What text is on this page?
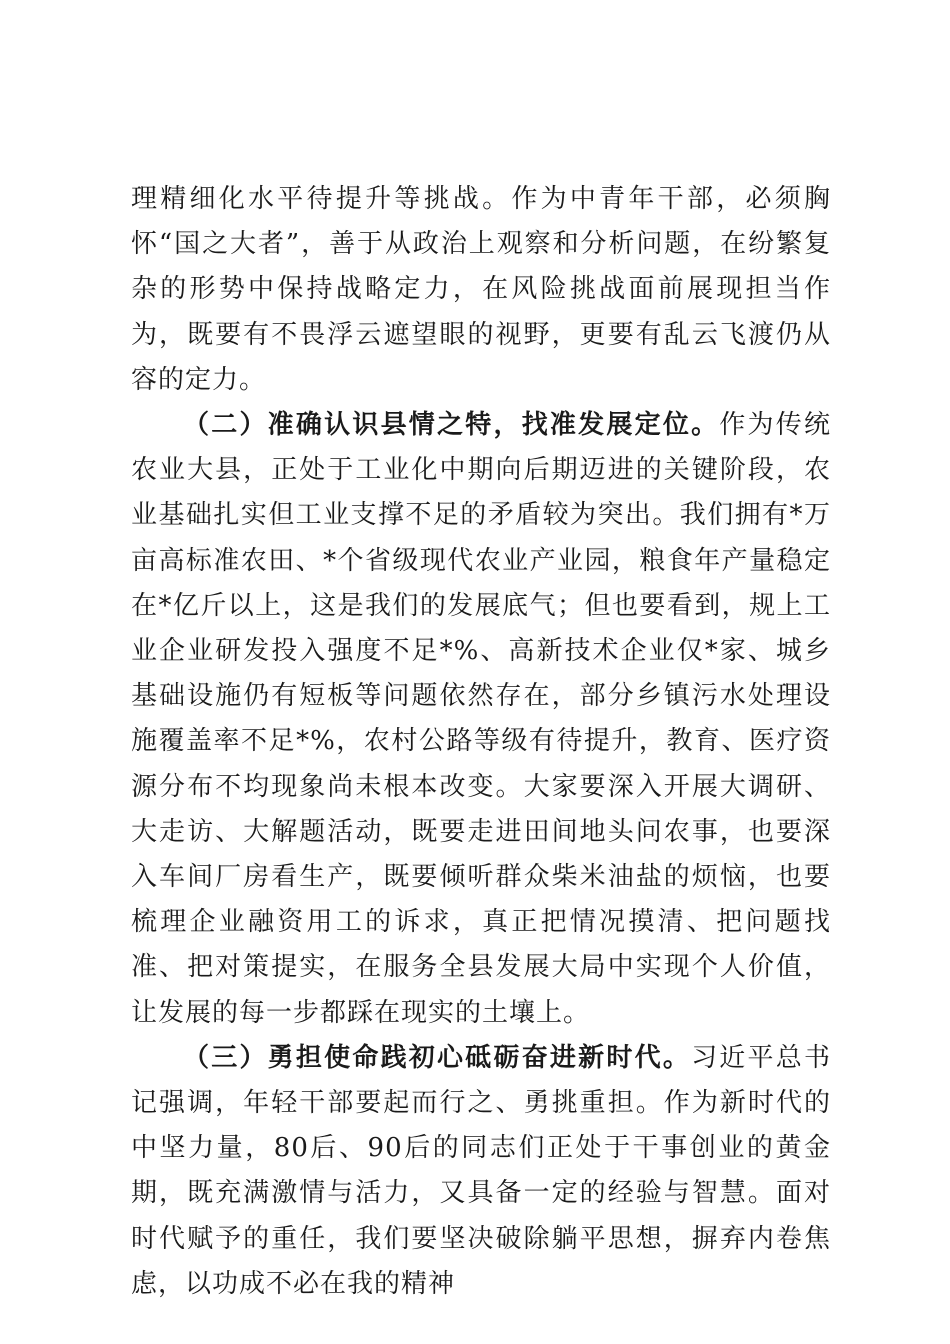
理精细化水平待提升等挑战。作为中青年干部，必须胸怀“国之大者”，善于从政治上观察和分析问题，在纷繁复杂的形势中保持战略定力，在风险挑战面前展现担当作为，既要有不畏浮云遮望眼的视野，更要有乱云飞渡仍从容的定力。

（二）准确认识县情之特，找准发展定位。作为传统农业大县，正处于工业化中期向后期迈进的关键阶段，农业基础扎实但工业支撑不足的矛盾较为突出。我们拥有*万亩高标准农田、*个省级现代农业产业园，粮食年产量稳定在*亿斤以上，这是我们的发展底气；但也要看到，规上工业企业研发投入强度不足*%、高新技术企业仅*家、城乡基础设施仍有短板等问题依然存在，部分乡镇污水处理设施覆盖率不足*%，农村公路等级有待提升，教育、医疗资源分布不均现象尚未根本改变。大家要深入开展大调研、大走访、大解题活动，既要走进田间地头问农事，也要深入车间厂房看生产，既要倾听群众柴米油盐的烦恼，也要梳理企业融资用工的诉求，真正把情况摸清、把问题找准、把对策提实，在服务全县发展大局中实现个人价值，让发展的每一步都踩在现实的土壤上。

（三）勇担使命践初心砥砺奋进新时代。习近平总书记强调，年轻干部要起而行之、勇挑重担。作为新时代的中坚力量，80后、90后的同志们正处于干事创业的黄金期，既充满激情与活力，又具备一定的经验与智慧。面对时代赋予的重任，我们要坚决破除躺平思想，摒弃内卷焦虑，以功成不必在我的精神
